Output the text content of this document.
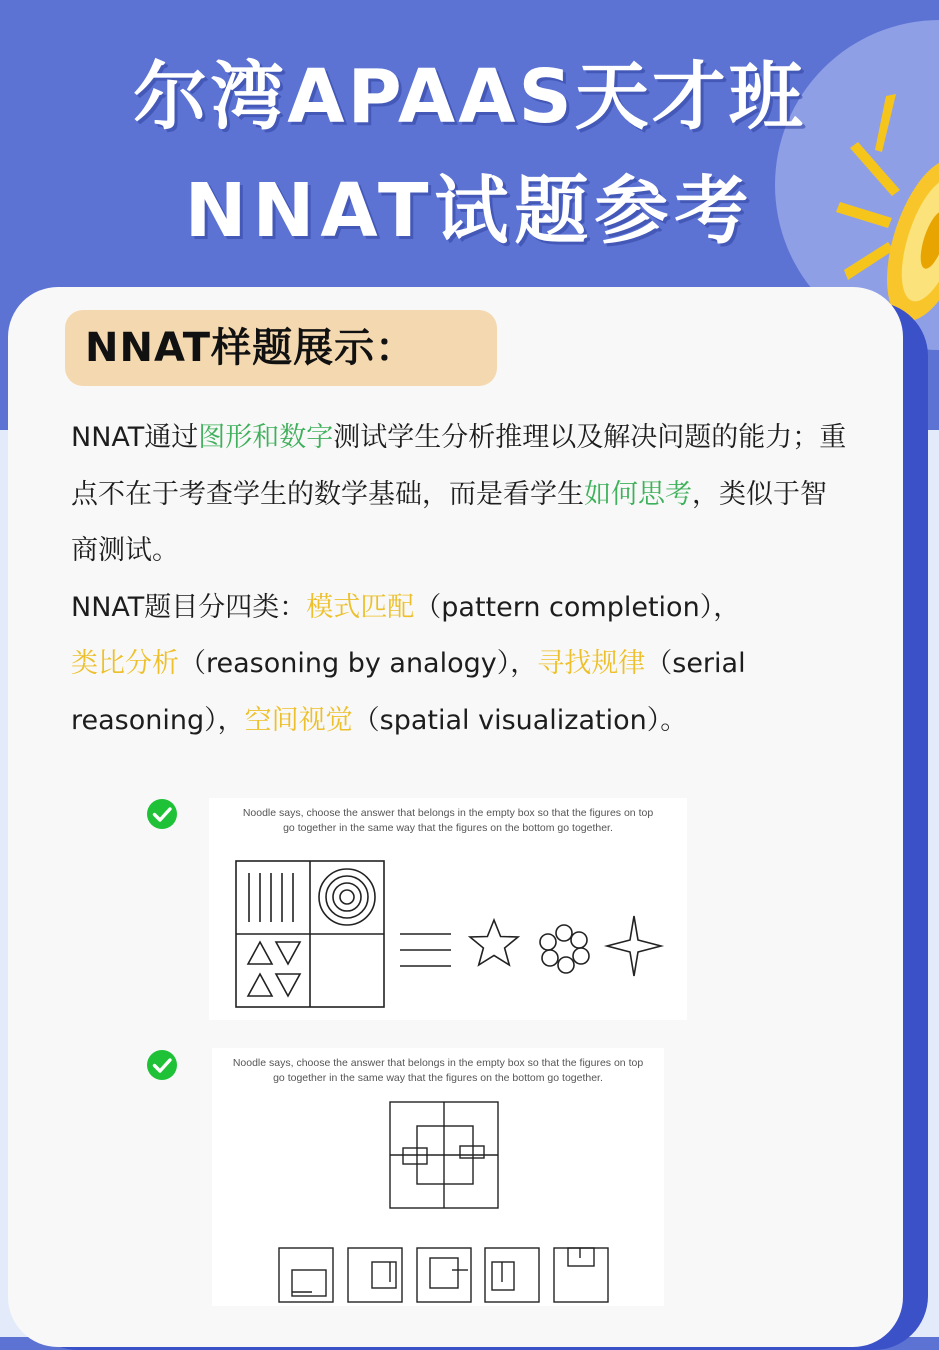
尔湾APAAS天才班
NNAT试题参考
NNAT样题展示：

NNAT通过图形和数字测试学生分析推理以及解决问题的能力；重点不在于考查学生的数学基础，而是看学生如何思考，类似于智商测试。
NNAT题目分四类：模式匹配（pattern completion），
类比分析（reasoning by analogy），寻找规律（serial reasoning），空间视觉（spatial visualization）。

Noodle says, choose the answer that belongs in the empty box so that the figures on top
go together in the same way that the figures on the bottom go together.

Noodle says, choose the answer that belongs in the empty box so that the figures on top
go together in the same way that the figures on the bottom go together.
